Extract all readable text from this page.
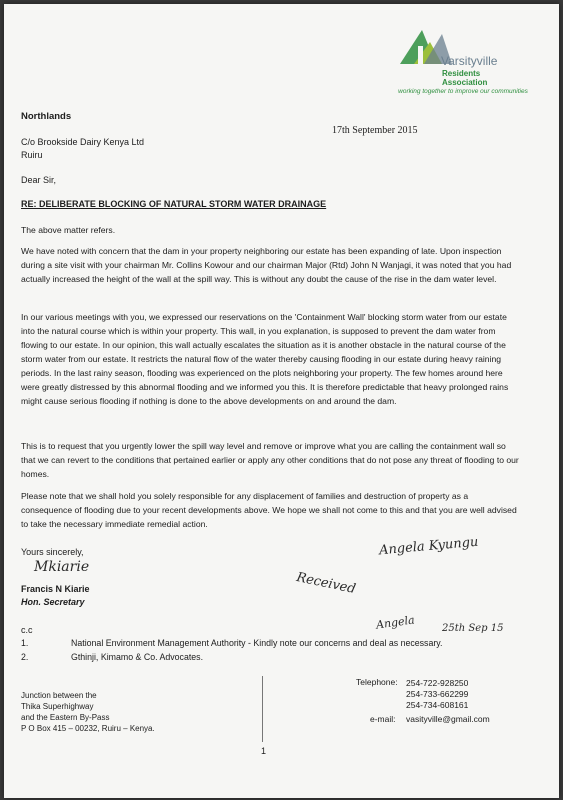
Varsityville
Residents Association
working together to improve our communities

Northlands

C/o Brookside Dairy Kenya Ltd

Ruiru

17th September 2015

Dear Sir,

RE: DELIBERATE BLOCKING OF NATURAL STORM WATER DRAINAGE

The above matter refers.

We have noted with concern that the dam in your property neighboring our estate has been expanding of late. Upon inspection during a site visit with your chairman Mr. Collins Kowour and our chairman Major (Rtd) John N Wanjagi, it was noted that you had actually increased the height of the wall at the spill way. This is without any doubt the cause of the rise in the dam water level.

In our various meetings with you, we expressed our reservations on the 'Containment Wall' blocking storm water from our estate into the natural course which is within your property. This wall, in you explanation, is supposed to prevent the dam water from flowing to our estate. In our opinion, this wall actually escalates the situation as it is another obstacle in the natural course of the storm water from our estate. It restricts the natural flow of the water thereby causing flooding in our estate during heavy raining periods. In the last rainy season, flooding was experienced on the plots neighboring your property. The few homes around here were greatly distressed by this abnormal flooding and we informed you this. It is therefore predictable that heavy prolonged rains might cause serious flooding if nothing is done to the above developments on and around the dam.

This is to request that you urgently lower the spill way level and remove or improve what you are calling the containment wall so that we can revert to the conditions that pertained earlier or apply any other conditions that do not pose any threat of flooding to our homes.

Please note that we shall hold you solely responsible for any displacement of families and destruction of property as a consequence of flooding due to your recent developments above. We hope we shall not come to this and that you are well advised to take the necessary immediate remedial action.

Yours sincerely,

Mkiarie

Francis N Kiarie

Hon. Secretary

Angela Kyungu
Received
Angela	25th Sep 15

c.c

1.	National Environment Management Authority - Kindly note our concerns and deal as necessary.
2.	Gthinji, Kimamo & Co. Advocates.

Junction between the

Thika Superhighway

and the Eastern By-Pass

P O Box 415 – 00232, Ruiru – Kenya.

Telephone: 254-722-928250

254-733-662299

254-734-608161

e-mail: vasityville@gmail.com

1
